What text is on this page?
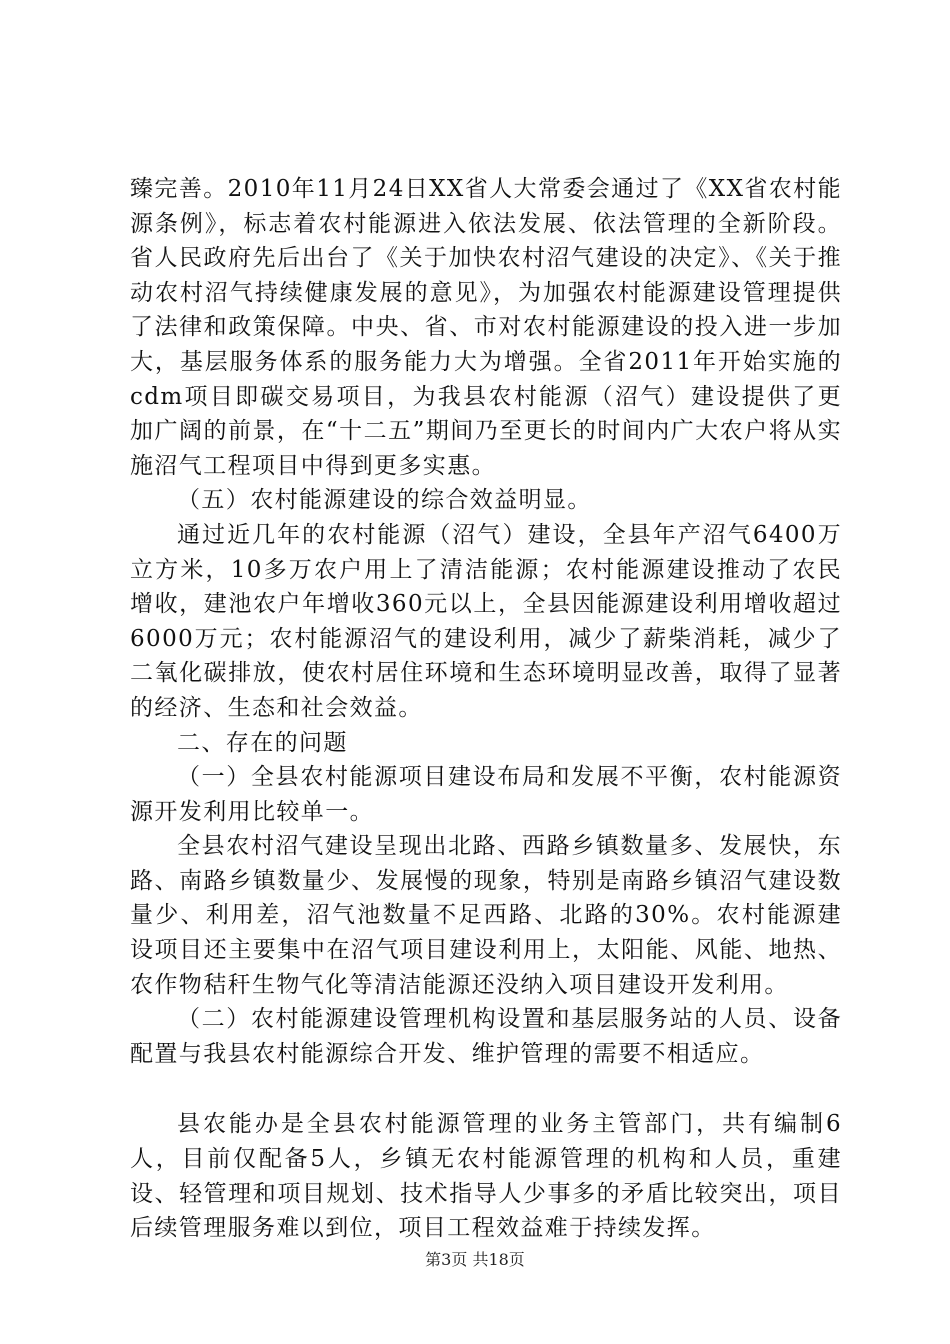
臻完善。2010年11月24日XX省人大常委会通过了《XX省农村能源条例》，标志着农村能源进入依法发展、依法管理的全新阶段。省人民政府先后出台了《关于加快农村沼气建设的决定》、《关于推动农村沼气持续健康发展的意见》，为加强农村能源建设管理提供了法律和政策保障。中央、省、市对农村能源建设的投入进一步加大，基层服务体系的服务能力大为增强。全省2011年开始实施的cdm项目即碳交易项目，为我县农村能源（沼气）建设提供了更加广阔的前景，在“十二五”期间乃至更长的时间内广大农户将从实施沼气工程项目中得到更多实惠。

（五）农村能源建设的综合效益明显。

通过近几年的农村能源（沼气）建设，全县年产沼气6400万立方米，10多万农户用上了清洁能源；农村能源建设推动了农民增收，建池农户年增收360元以上，全县因能源建设利用增收超过6000万元；农村能源沼气的建设利用，减少了薪柴消耗，减少了二氧化碳排放，使农村居住环境和生态环境明显改善，取得了显著的经济、生态和社会效益。

二、存在的问题

（一）全县农村能源项目建设布局和发展不平衡，农村能源资源开发利用比较单一。

全县农村沼气建设呈现出北路、西路乡镇数量多、发展快，东路、南路乡镇数量少、发展慢的现象，特别是南路乡镇沼气建设数量少、利用差，沼气池数量不足西路、北路的30%。农村能源建设项目还主要集中在沼气项目建设利用上，太阳能、风能、地热、农作物秸秆生物气化等清洁能源还没纳入项目建设开发利用。

（二）农村能源建设管理机构设置和基层服务站的人员、设备配置与我县农村能源综合开发、维护管理的需要不相适应。

县农能办是全县农村能源管理的业务主管部门，共有编制6人，目前仅配备5人，乡镇无农村能源管理的机构和人员，重建设、轻管理和项目规划、技术指导人少事多的矛盾比较突出，项目后续管理服务难以到位，项目工程效益难于持续发挥。

第3页 共18页
